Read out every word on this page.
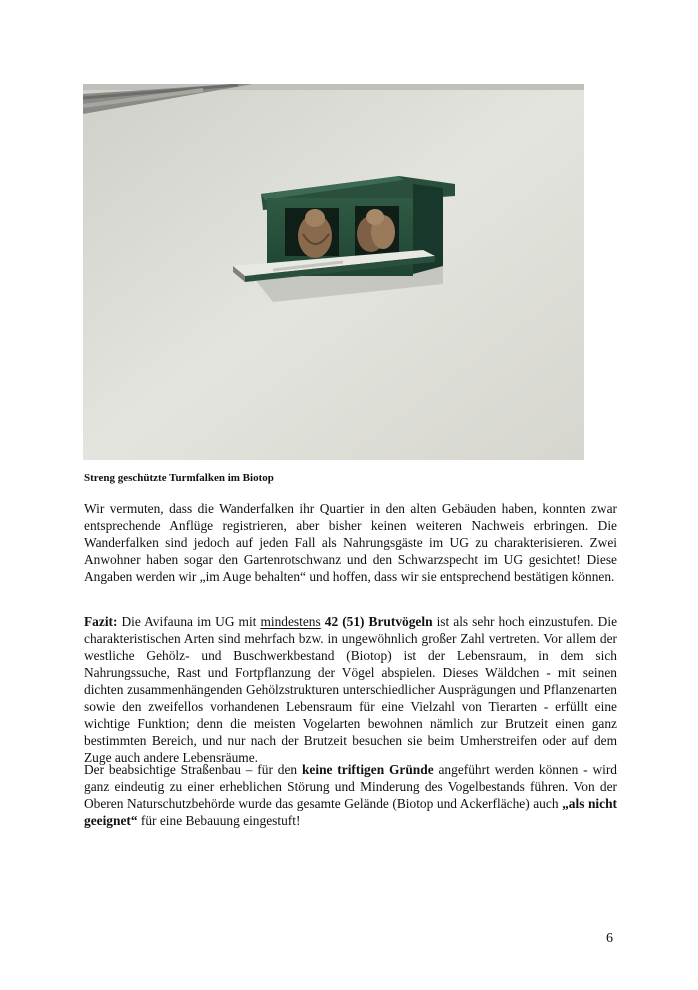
Streng geschützte Turmfalken im Biotop

Wir vermuten, dass die Wanderfalken ihr Quartier in den alten Gebäuden haben, konnten zwar entsprechende Anflüge registrieren, aber bisher keinen weiteren Nachweis erbringen. Die Wanderfalken sind jedoch auf jeden Fall als Nahrungsgäste im UG zu charakterisieren. Zwei Anwohner haben sogar den Gartenrotschwanz und den Schwarzspecht im UG gesichtet! Diese Angaben werden wir „im Auge behalten“ und hoffen, dass wir sie entsprechend bestätigen können.

Fazit: Die Avifauna im UG mit mindestens 42 (51) Brutvögeln ist als sehr hoch einzustufen. Die charakteristischen Arten sind mehrfach bzw. in ungewöhnlich großer Zahl vertreten. Vor allem der westliche Gehölz- und Buschwerkbestand (Biotop) ist der Lebensraum, in dem sich Nahrungssuche, Rast und Fortpflanzung der Vögel abspielen. Dieses Wäldchen - mit seinen dichten zusammenhängenden Gehölzstrukturen unterschiedlicher Ausprägungen und Pflanzenarten sowie den zweifellos vorhandenen Lebensraum für eine Vielzahl von Tierarten - erfüllt eine wichtige Funktion; denn die meisten Vogelarten bewohnen nämlich zur Brutzeit einen ganz bestimmten Bereich, und nur nach der Brutzeit besuchen sie beim Umherstreifen oder auf dem Zuge auch andere Lebensräume.

Der beabsichtige Straßenbau – für den keine triftigen Gründe angeführt werden können - wird ganz eindeutig zu einer erheblichen Störung und Minderung des Vogelbestands führen. Von der Oberen Naturschutzbehörde wurde das gesamte Gelände (Biotop und Ackerfläche) auch „als nicht geeignet“ für eine Bebauung eingestuft!

6
